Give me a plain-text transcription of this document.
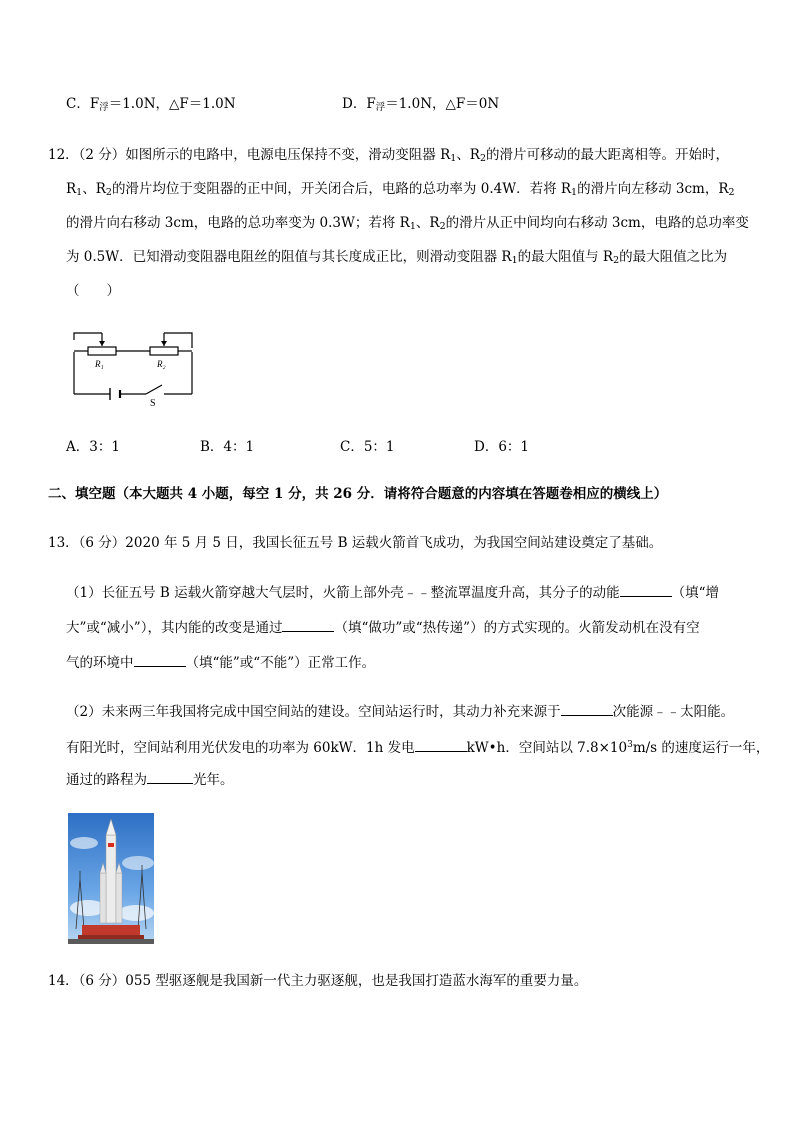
C．$F_浮=1.0N$，△F＝1.0N	D．$F_浮=1.0N$，△F＝0N
12．（2 分）如图所示的电路中，电源电压保持不变，滑动变阻器 $R_1$、$R_2$的滑片可移动的最大距离相等。开始时，
$R_1$、$R_2$的滑片均位于变阻器的正中间，开关闭合后，电路的总功率为 0.4W．若将 $R_1$的滑片向左移动 3cm，$R_2$
的滑片向右移动 3cm，电路的总功率变为 0.3W；若将 $R_1$、$R_2$的滑片从正中间均向右移动 3cm，电路的总功率变
为 0.5W．已知滑动变阻器电阻丝的阻值与其长度成正比，则滑动变阻器 $R_1$的最大阻值与 $R_2$的最大阻值之比为
（　　）
R₁	R₂
S
A．3：1	B．4：1	C．5：1	D．6：1
二、填空题（本大题共 4 小题，每空 1 分，共 26 分．请将符合题意的内容填在答题卷相应的横线上）
13．（6 分）2020 年 5 月 5 日，我国长征五号 B 运载火箭首飞成功，为我国空间站建设奠定了基础。
（1）长征五号 B 运载火箭穿越大气层时，火箭上部外壳﹣﹣整流罩温度升高，其分子的动能	（填“增
大”或“减小”），其内能的改变是通过	（填“做功”或“热传递”）的方式实现的。火箭发动机在没有空
气的环境中	（填“能”或“不能”）正常工作。
（2）未来两三年我国将完成中国空间站的建设。空间站运行时，其动力补充来源于	次能源﹣﹣太阳能。
有阳光时，空间站利用光伏发电的功率为 60kW．1h 发电	kW•h．空间站以 $7.8\times 10^3m/s$ 的速度运行一年，
通过的路程为	光年。
14．（6 分）055 型驱逐舰是我国新一代主力驱逐舰，也是我国打造蓝水海军的重要力量。
